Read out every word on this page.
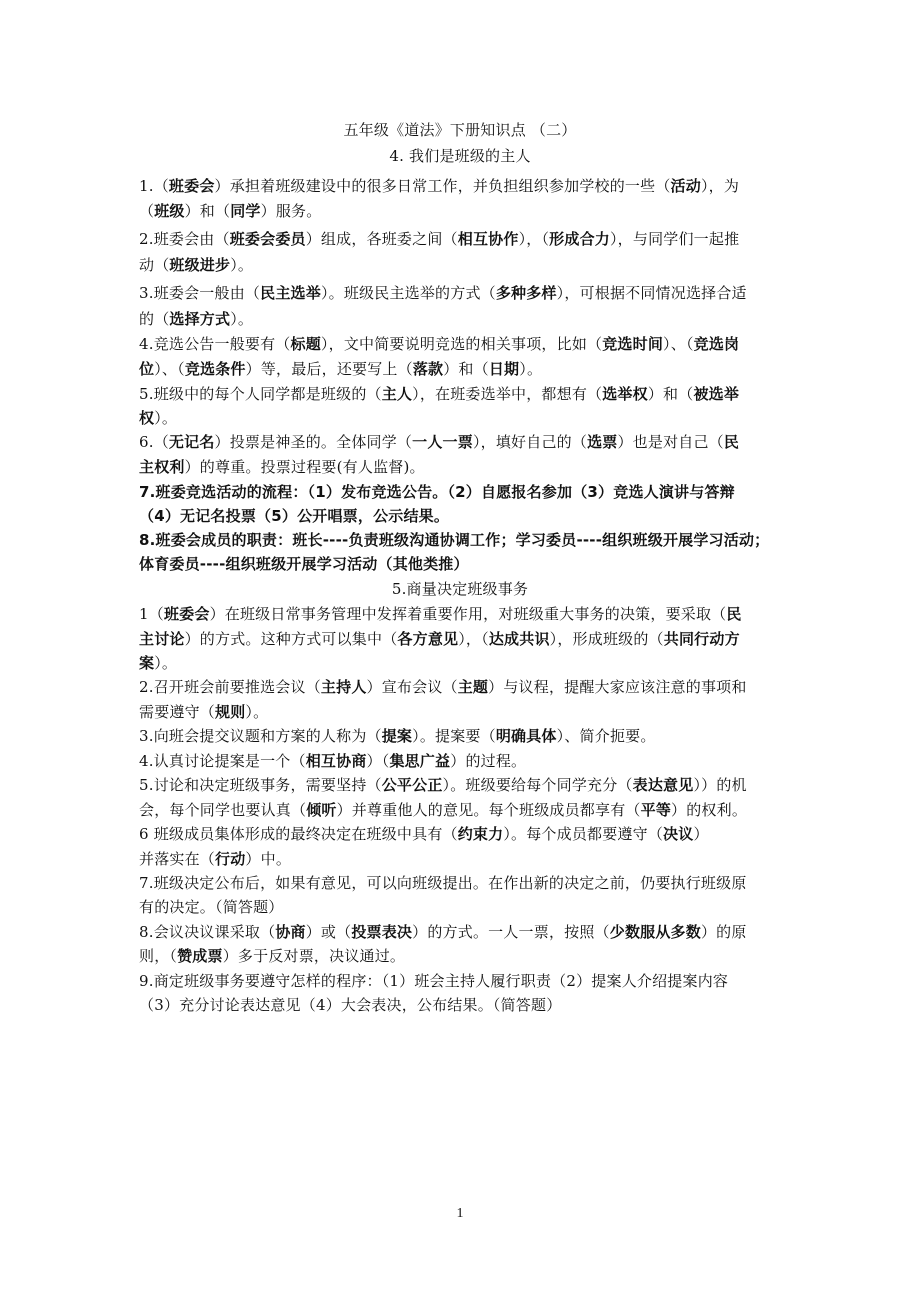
五年级《道法》下册知识点 （二）
4. 我们是班级的主人
1.（班委会）承担着班级建设中的很多日常工作，并负担组织参加学校的一些（活动），为
（班级）和（同学）服务。
2.班委会由（班委会委员）组成，各班委之间（相互协作），（形成合力），与同学们一起推
动（班级进步）。
3.班委会一般由（民主选举）。班级民主选举的方式（多种多样），可根据不同情况选择合适
的（选择方式）。
4.竞选公告一般要有（标题），文中简要说明竞选的相关事项，比如（竞选时间）、（竞选岗
位）、（竞选条件）等，最后，还要写上（落款）和（日期）。
5.班级中的每个人同学都是班级的（主人），在班委选举中，都想有（选举权）和（被选举
权）。
6.（无记名）投票是神圣的。全体同学（一人一票），填好自己的（选票）也是对自己（民
主权利）的尊重。投票过程要(有人监督)。
7.班委竞选活动的流程：（1）发布竞选公告。（2）自愿报名参加（3）竞选人演讲与答辩
（4）无记名投票（5）公开唱票，公示结果。
8.班委会成员的职责：班长----负责班级沟通协调工作；学习委员----组织班级开展学习活动；
体育委员----组织班级开展学习活动（其他类推）
5.商量决定班级事务
1（班委会）在班级日常事务管理中发挥着重要作用，对班级重大事务的决策，要采取（民
主讨论）的方式。这种方式可以集中（各方意见），（达成共识），形成班级的（共同行动方
案）。
2.召开班会前要推选会议（主持人）宣布会议（主题）与议程，提醒大家应该注意的事项和
需要遵守（规则）。
3.向班会提交议题和方案的人称为（提案）。提案要（明确具体）、简介扼要。
4.认真讨论提案是一个（相互协商）（集思广益）的过程。
5.讨论和决定班级事务，需要坚持（公平公正）。班级要给每个同学充分（表达意见））的机
会，每个同学也要认真（倾听）并尊重他人的意见。每个班级成员都享有（平等）的权利。
6 班级成员集体形成的最终决定在班级中具有（约束力）。每个成员都要遵守（决议）
并落实在（行动）中。
7.班级决定公布后，如果有意见，可以向班级提出。在作出新的决定之前，仍要执行班级原
有的决定。（简答题）
8.会议决议课采取（协商）或（投票表决）的方式。一人一票，按照（少数服从多数）的原
则，（赞成票）多于反对票，决议通过。
9.商定班级事务要遵守怎样的程序：（1）班会主持人履行职责（2）提案人介绍提案内容
（3）充分讨论表达意见（4）大会表决，公布结果。（简答题）
1
